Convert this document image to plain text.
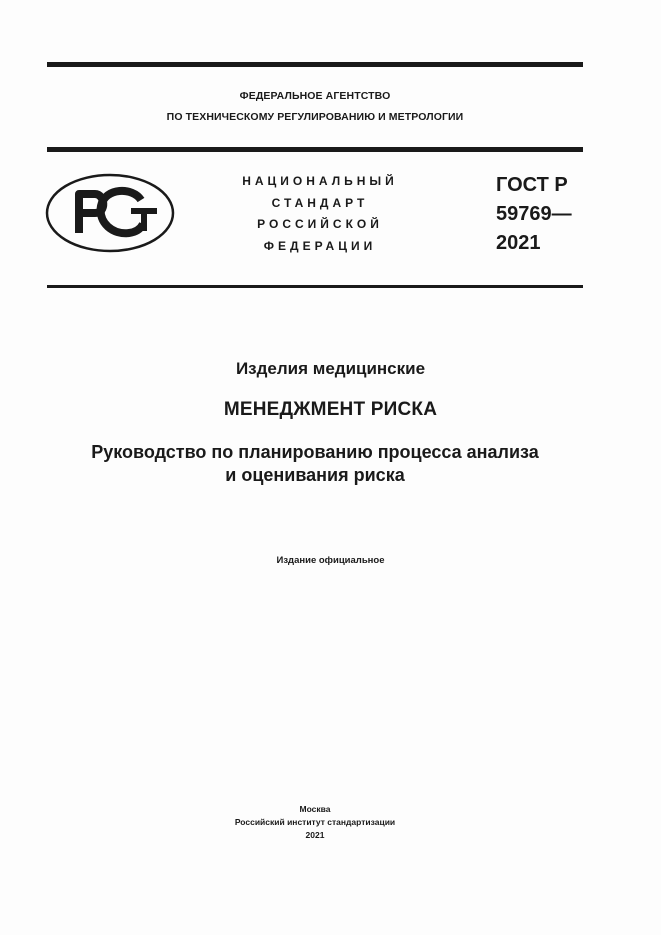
ФЕДЕРАЛЬНОЕ АГЕНТСТВО
ПО ТЕХНИЧЕСКОМУ РЕГУЛИРОВАНИЮ И МЕТРОЛОГИИ
НАЦИОНАЛЬНЫЙ
СТАНДАРТ
РОССИЙСКОЙ
ФЕДЕРАЦИИ
ГОСТ Р
59769—
2021
Изделия медицинские
МЕНЕДЖМЕНТ РИСКА
Руководство по планированию процесса анализа
и оценивания риска
Издание официальное
Москва
Российский институт стандартизации
2021
